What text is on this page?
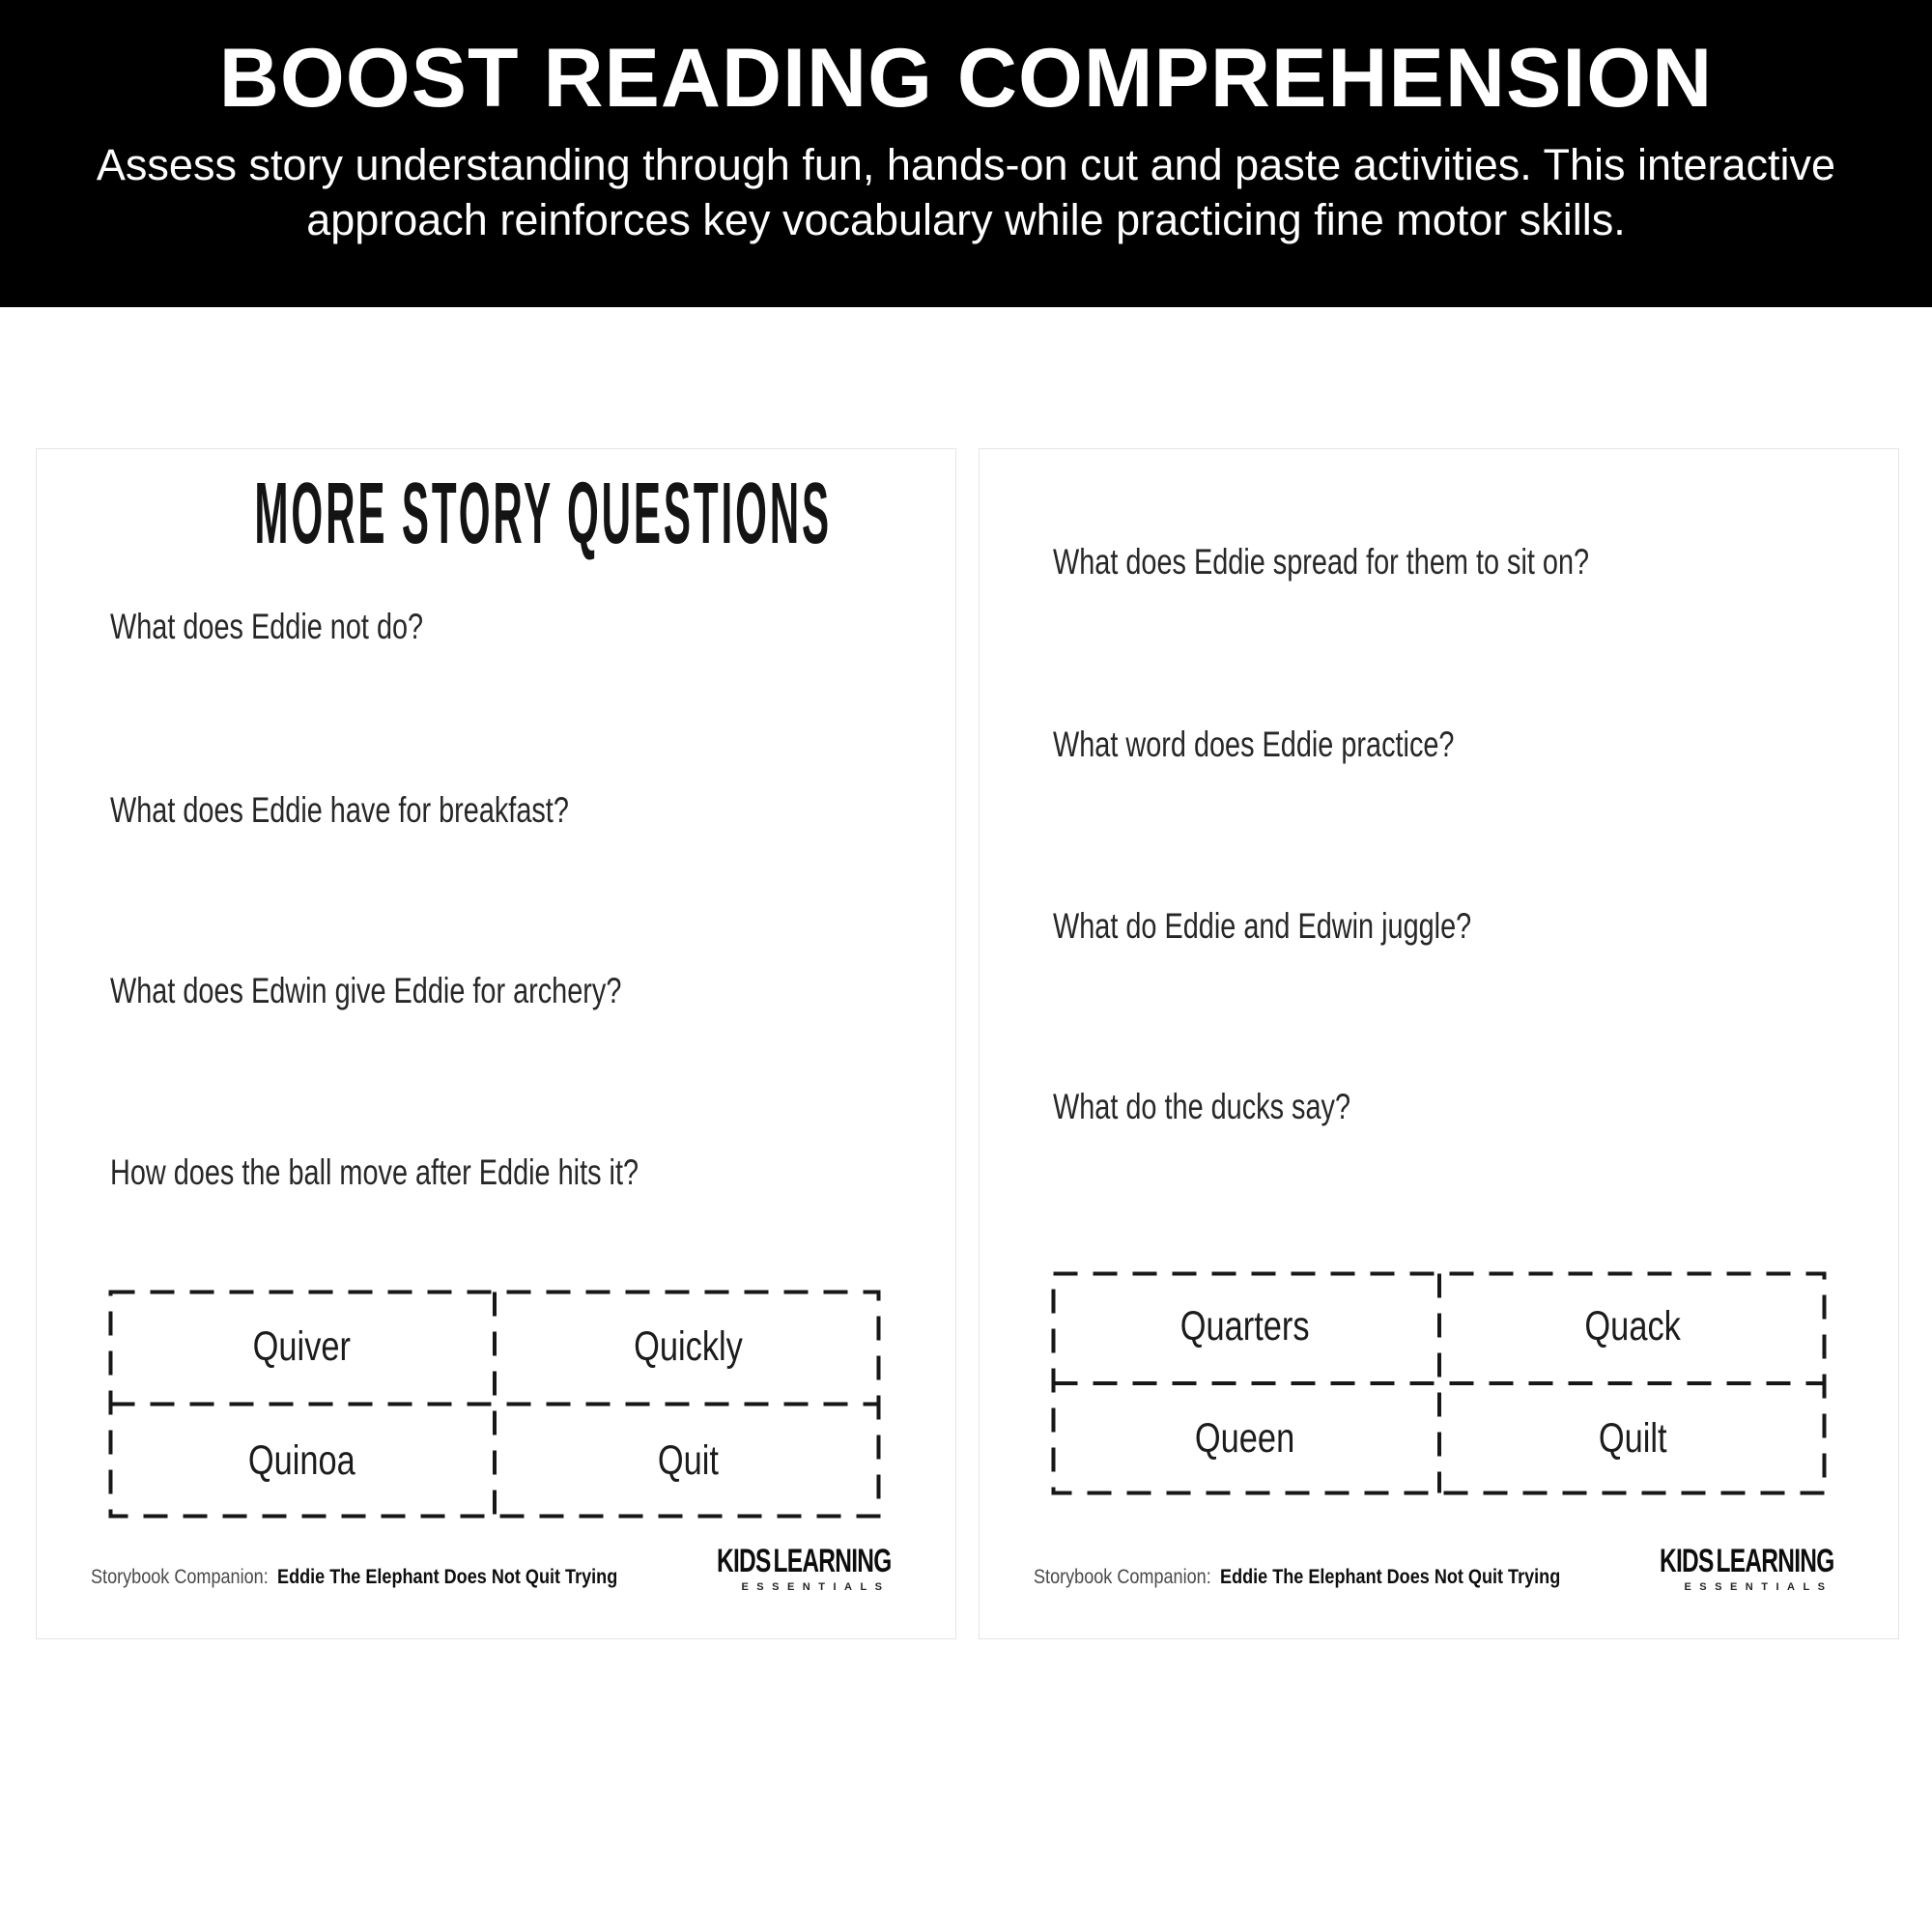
BOOST READING COMPREHENSION

Assess story understanding through fun, hands-on cut and paste activities. This interactive approach reinforces key vocabulary while practicing fine motor skills.

MORE STORY QUESTIONS
What does Eddie not do?
What does Eddie have for breakfast?
What does Edwin give Eddie for archery?
How does the ball move after Eddie hits it?
Quiver	Quickly
Quinoa	Quit
Storybook Companion: Eddie The Elephant Does Not Quit Trying	KIDS LEARNING
ESSENTIALS
What does Eddie spread for them to sit on?
What word does Eddie practice?
What do Eddie and Edwin juggle?
What do the ducks say?
Quarters	Quack
Queen	Quilt
Storybook Companion: Eddie The Elephant Does Not Quit Trying	KIDS LEARNING
ESSENTIALS
